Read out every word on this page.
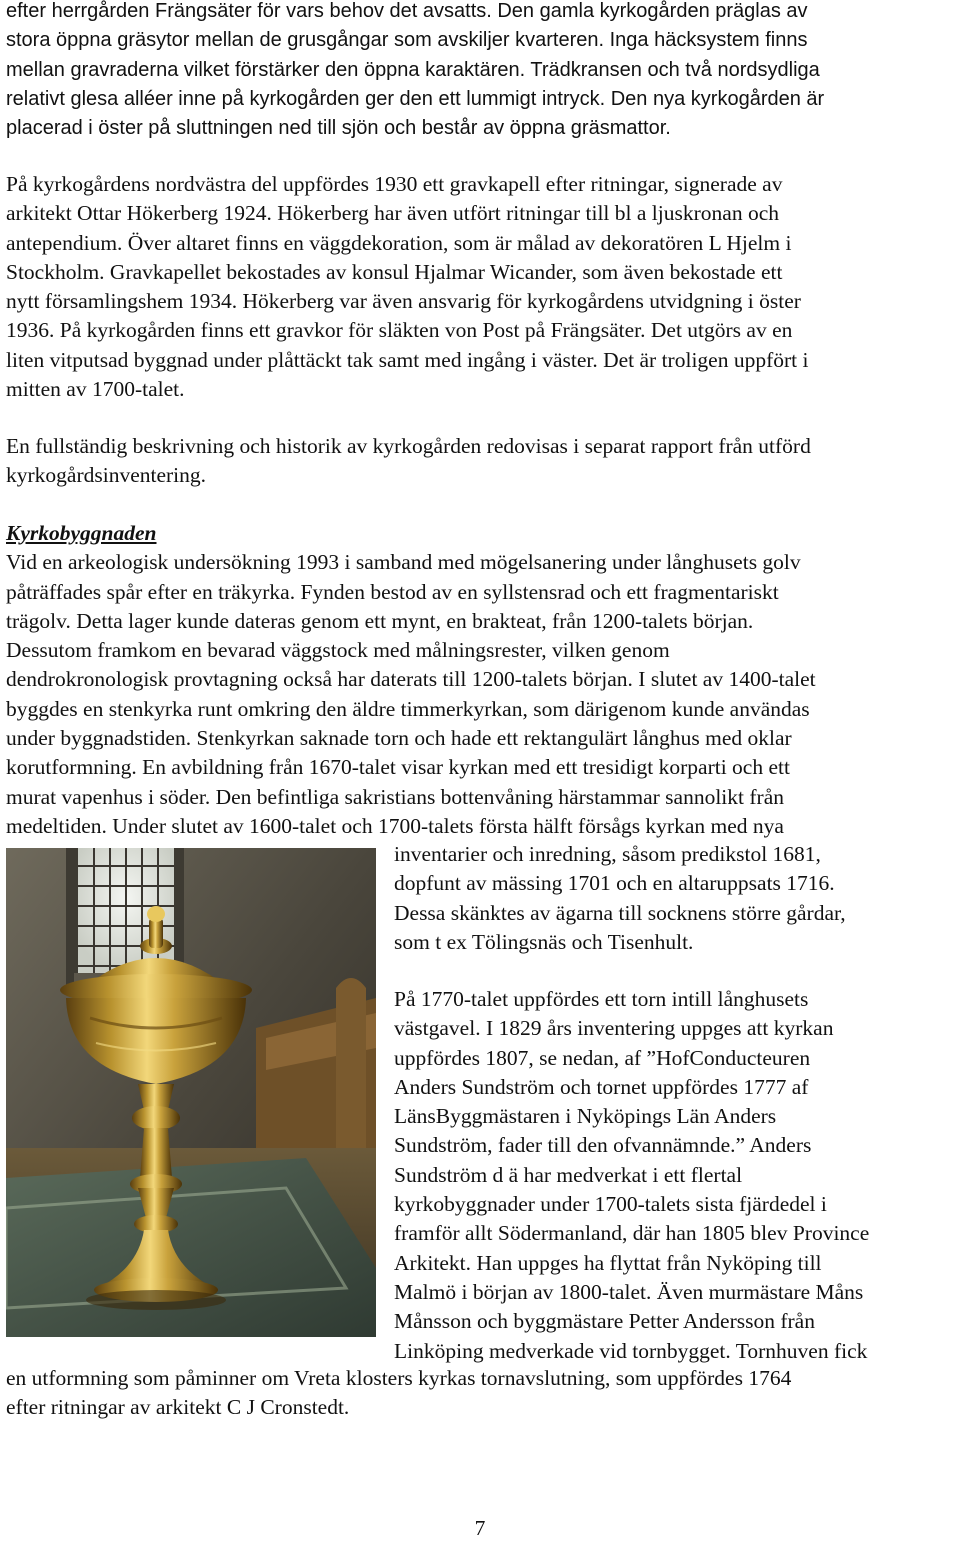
efter herrgården Frängsäter för vars behov det avsatts. Den gamla kyrkogården präglas av
stora öppna gräsytor mellan de grusgångar som avskiljer kvarteren. Inga häcksystem finns
mellan gravraderna vilket förstärker den öppna karaktären. Trädkransen och två nordsydliga
relativt glesa alléer inne på kyrkogården ger den ett lummigt intryck. Den nya kyrkogården är
placerad i öster på sluttningen ned till sjön och består av öppna gräsmattor.
På kyrkogårdens nordvästra del uppfördes 1930 ett gravkapell efter ritningar, signerade av
arkitekt Ottar Hökerberg 1924. Hökerberg har även utfört ritningar till bl a ljuskronan och
antependium. Över altaret finns en väggdekoration, som är målad av dekoratören L Hjelm i
Stockholm. Gravkapellet bekostades av konsul Hjalmar Wicander, som även bekostade ett
nytt församlingshem 1934. Hökerberg var även ansvarig för kyrkogårdens utvidgning i öster
1936. På kyrkogården finns ett gravkor för släkten von Post på Frängsäter. Det utgörs av en
liten vitputsad byggnad under plåttäckt tak samt med ingång i väster. Det är troligen uppfört i
mitten av 1700-talet.
En fullständig beskrivning och historik av kyrkogården redovisas i separat rapport från utförd
kyrkogårdsinventering.
Kyrkobyggnaden
Vid en arkeologisk undersökning 1993 i samband med mögelsanering under långhusets golv
påträffades spår efter en träkyrka. Fynden bestod av en syllstensrad och ett fragmentariskt
trägolv. Detta lager kunde dateras genom ett mynt, en brakteat, från 1200-talets början.
Dessutom framkom en bevarad väggstock med målningsrester, vilken genom
dendrokronologisk provtagning också har daterats till 1200-talets början. I slutet av 1400-talet
byggdes en stenkyrka runt omkring den äldre timmerkyrkan, som därigenom kunde användas
under byggnadstiden. Stenkyrkan saknade torn och hade ett rektangulärt långhus med oklar
korutformning. En avbildning från 1670-talet visar kyrkan med ett tresidigt korparti och ett
murat vapenhus i söder. Den befintliga sakristians bottenvåning härstammar sannolikt från
medeltiden. Under slutet av 1600-talet och 1700-talets första hälft försågs kyrkan med nya
inventarier och inredning, såsom predikstol 1681,
dopfunt av mässing 1701 och en altaruppsats 1716.
Dessa skänktes av ägarna till socknens större gårdar,
som t ex Tölingsnäs och Tisenhult.
På 1770-talet uppfördes ett torn intill långhusets
västgavel. I 1829 års inventering uppges att kyrkan
uppfördes 1807, se nedan, af ”HofConducteuren
Anders Sundström och tornet uppfördes 1777 af
LänsByggmästaren i Nyköpings Län Anders
Sundström, fader till den ofvannämnde.” Anders
Sundström d ä har medverkat i ett flertal
kyrkobyggnader under 1700-talets sista fjärdedel i
framför allt Södermanland, där han 1805 blev Province
Arkitekt. Han uppges ha flyttat från Nyköping till
Malmö i början av 1800-talet. Även murmästare Måns
Månsson och byggmästare Petter Andersson från
Linköping medverkade vid tornbygget. Tornhuven fick
en utformning som påminner om Vreta klosters kyrkas tornavslutning, som uppfördes 1764
efter ritningar av arkitekt C J Cronstedt.
7
